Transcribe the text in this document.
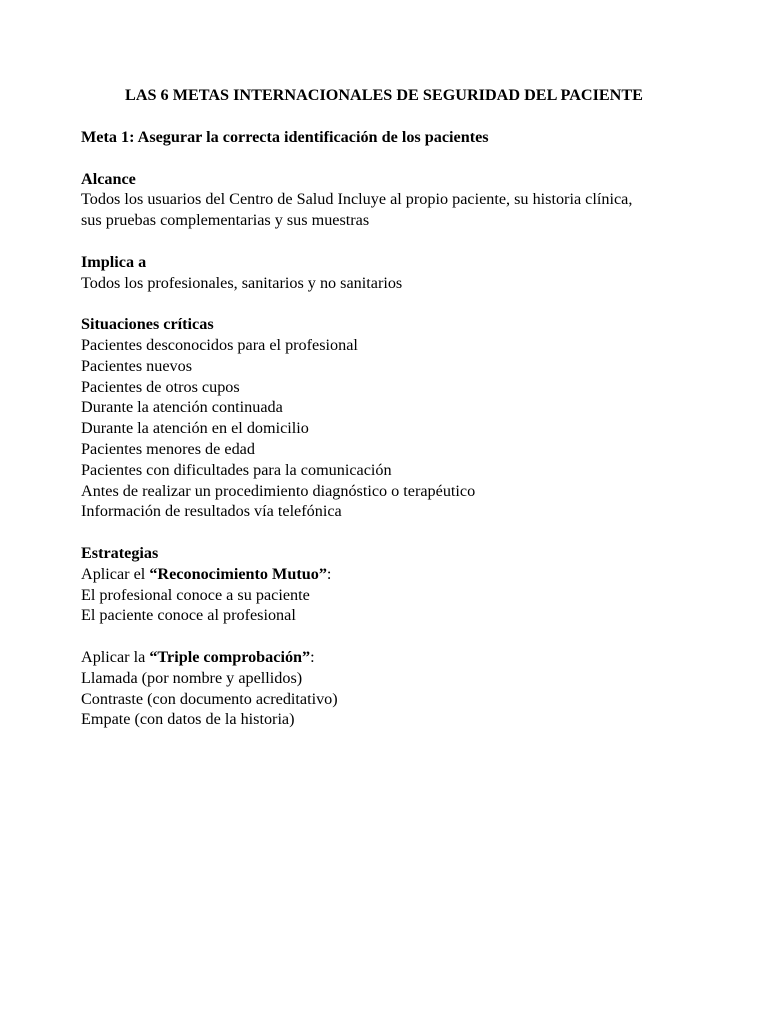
LAS 6 METAS INTERNACIONALES DE SEGURIDAD DEL PACIENTE
Meta 1: Asegurar la correcta identificación de los pacientes
Alcance
Todos los usuarios del Centro de Salud Incluye al propio paciente, su historia clínica,
sus pruebas complementarias y sus muestras
Implica a
Todos los profesionales, sanitarios y no sanitarios
Situaciones críticas
Pacientes desconocidos para el profesional
Pacientes nuevos
Pacientes de otros cupos
Durante la atención continuada
Durante la atención en el domicilio
Pacientes menores de edad
Pacientes con dificultades para la comunicación
Antes de realizar un procedimiento diagnóstico o terapéutico
Información de resultados vía telefónica
Estrategias
Aplicar el “Reconocimiento Mutuo”:
El profesional conoce a su paciente
El paciente conoce al profesional
Aplicar la “Triple comprobación”:
Llamada (por nombre y apellidos)
Contraste (con documento acreditativo)
Empate (con datos de la historia)
